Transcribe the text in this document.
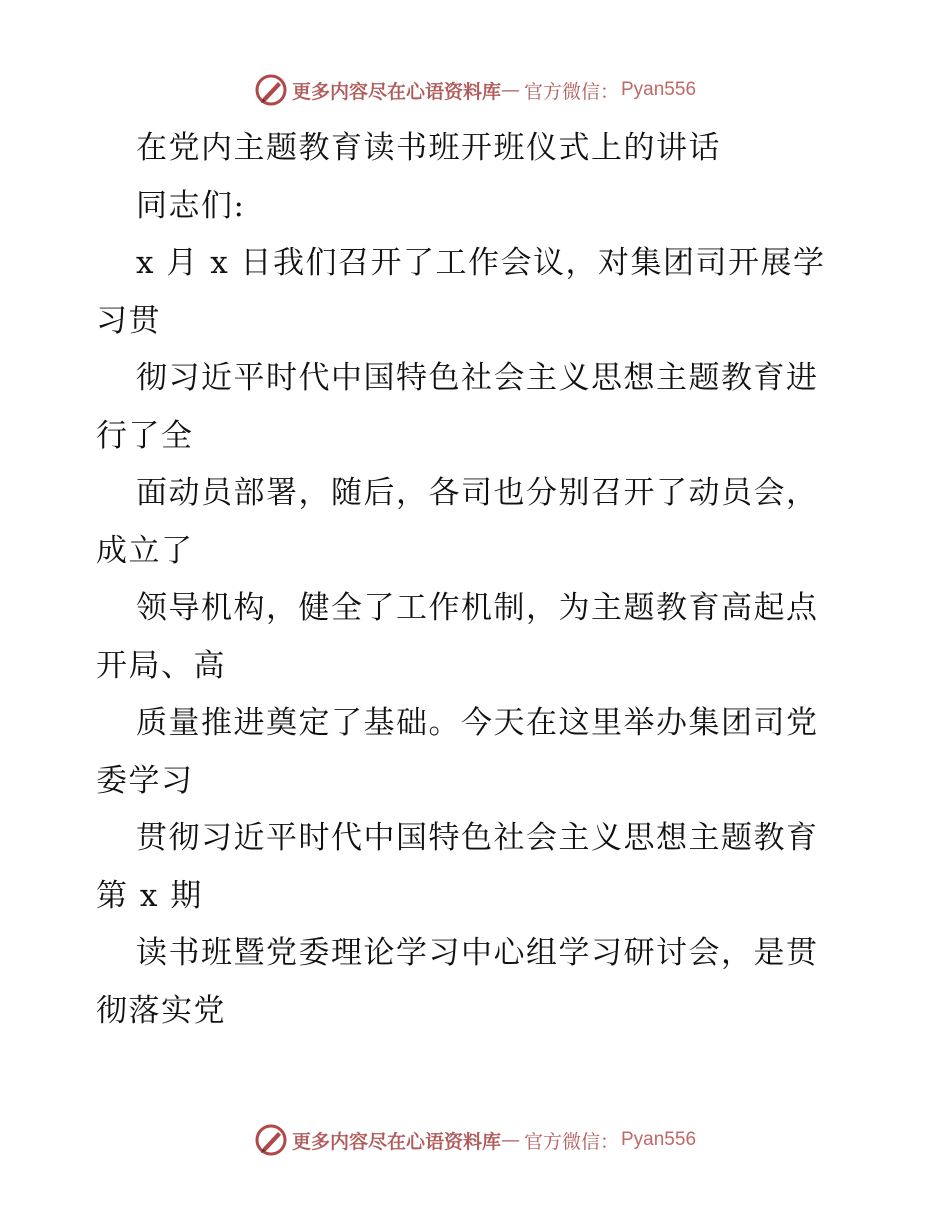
更多内容尽在心语资料库 — 官方微信： Pyan556
在党内主题教育读书班开班仪式上的讲话
同志们:
x 月 x 日我们召开了工作会议，对集团司开展学
习贯
彻习近平时代中国特色社会主义思想主题教育进
行了全
面动员部署，随后，各司也分别召开了动员会，
成立了
领导机构，健全了工作机制，为主题教育高起点
开局、高
质量推进奠定了基础。今天在这里举办集团司党
委学习
贯彻习近平时代中国特色社会主义思想主题教育
第 x 期
读书班暨党委理论学习中心组学习研讨会，是贯
彻落实党
更多内容尽在心语资料库 — 官方微信： Pyan556
